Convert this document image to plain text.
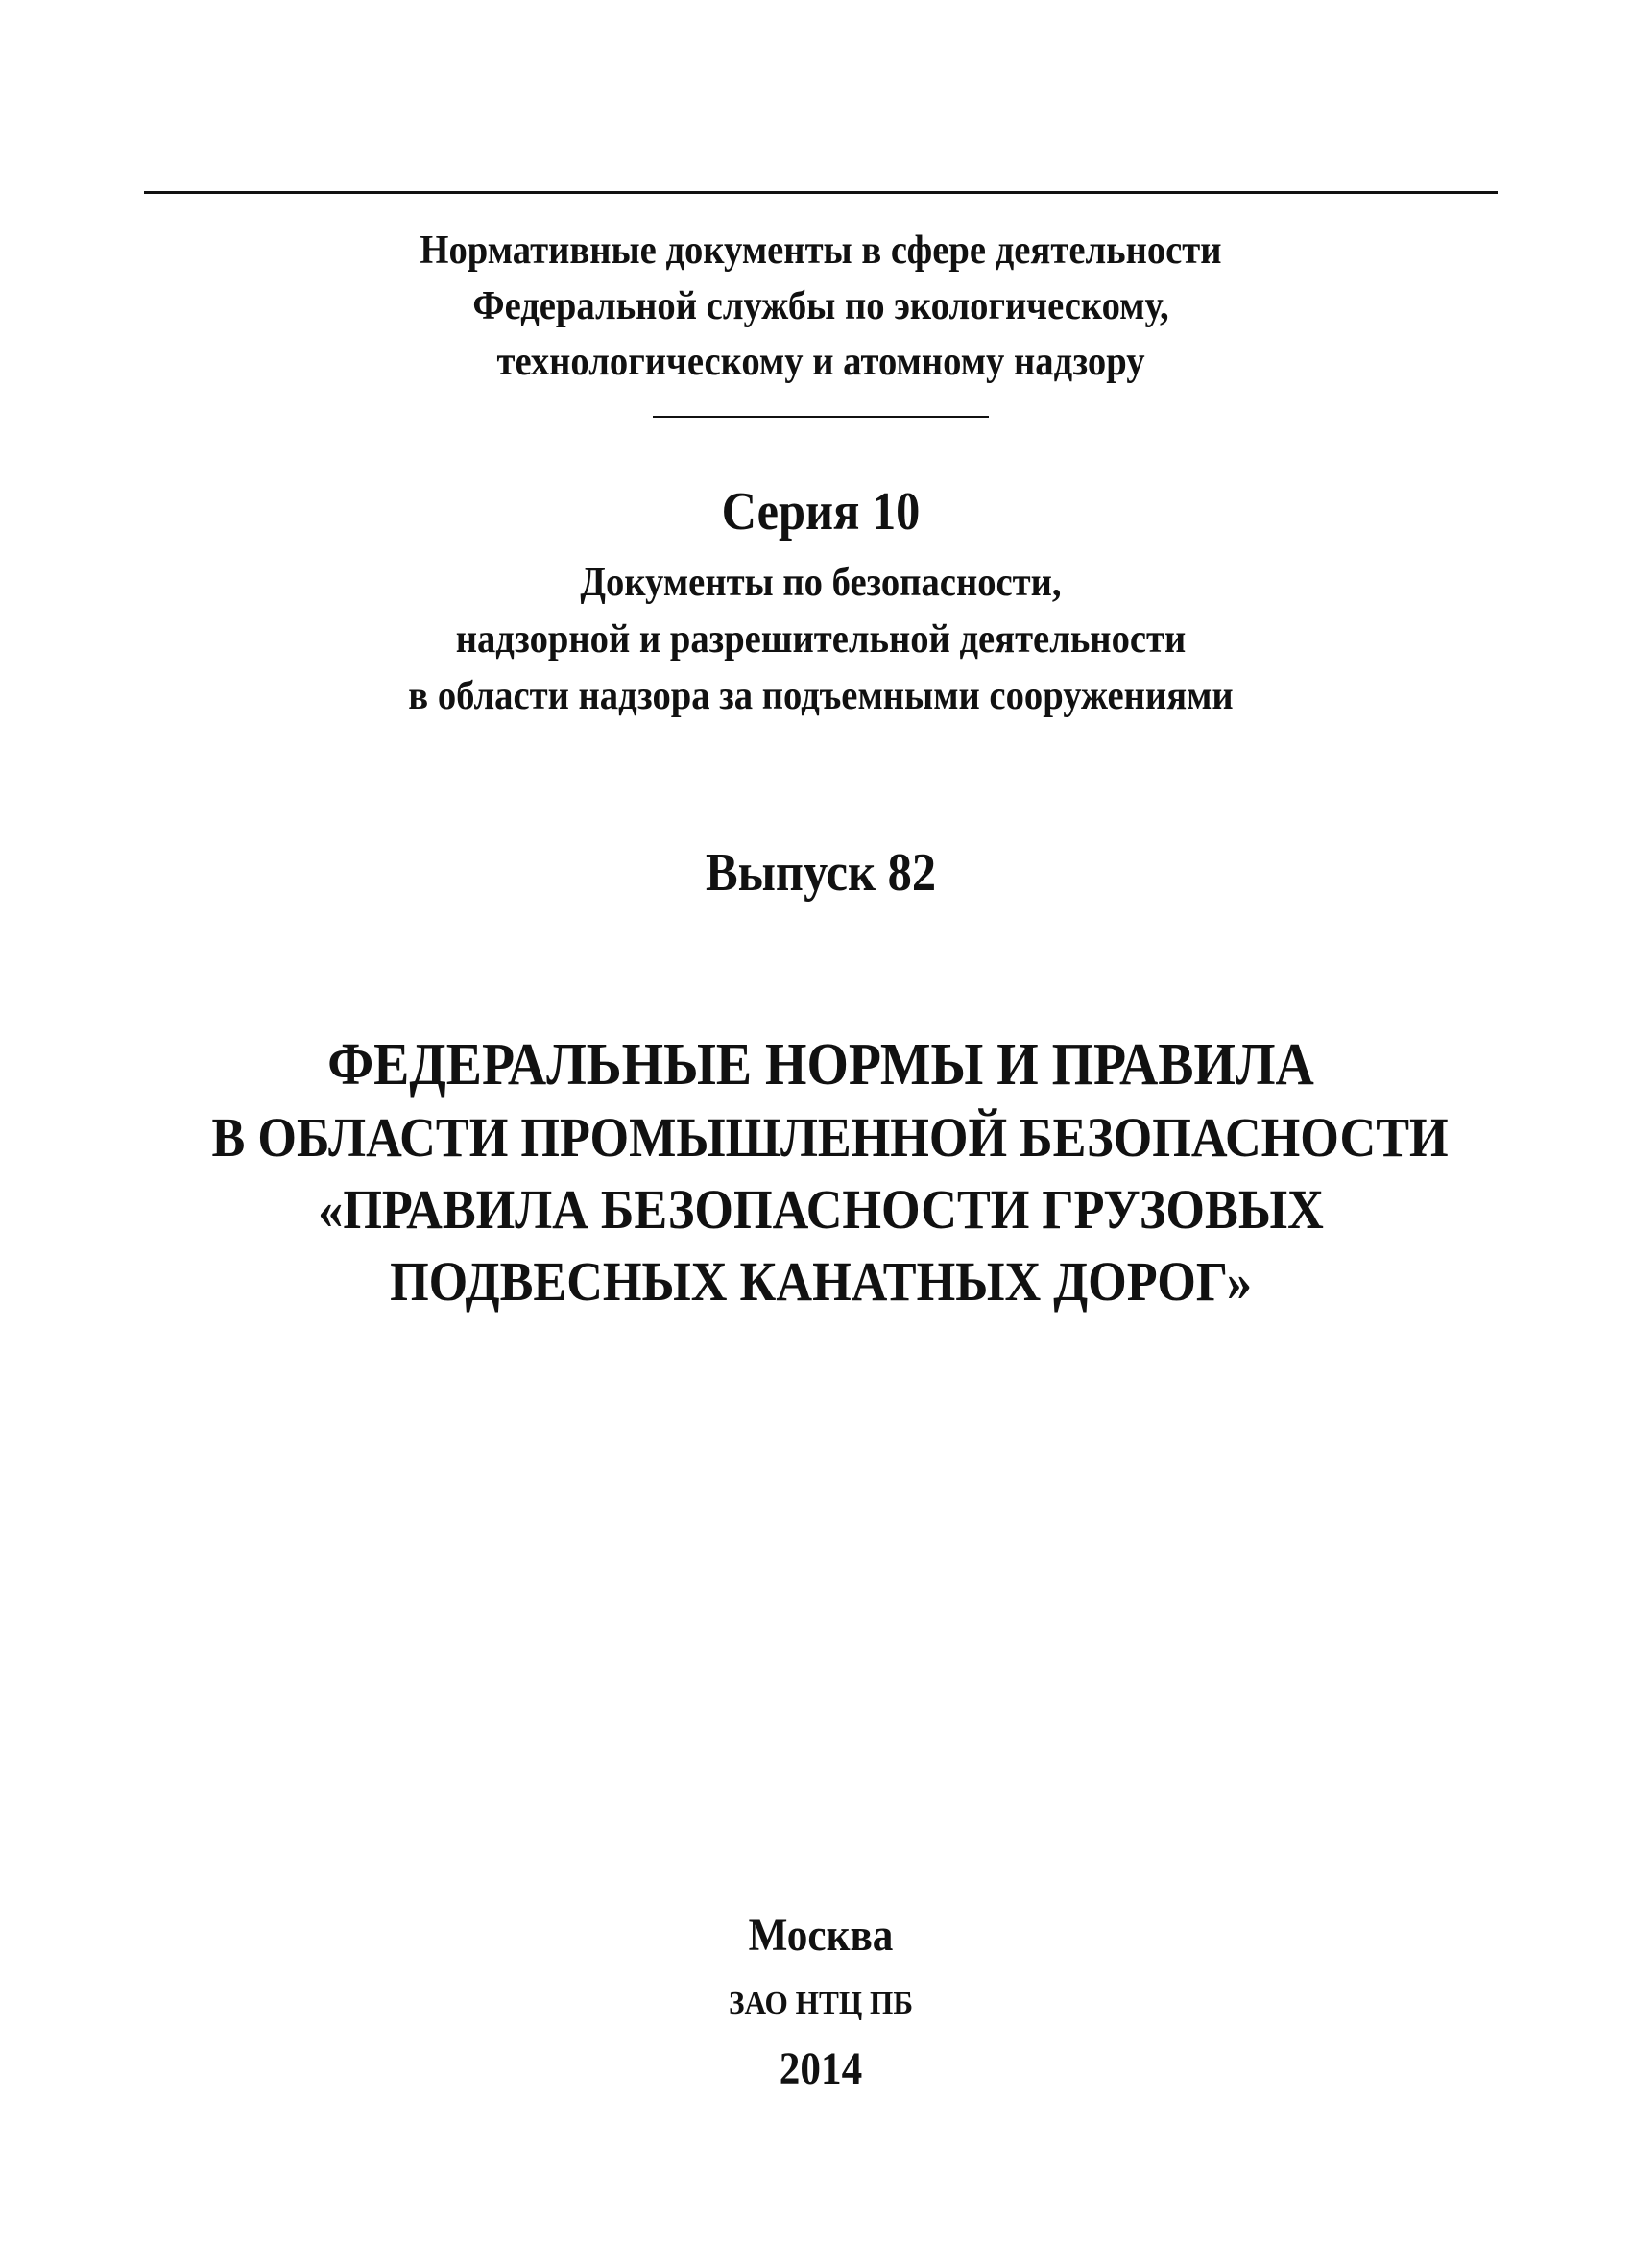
Нормативные документы в сфере деятельности
Федеральной службы по экологическому,
технологическому и атомному надзору
Серия 10
Документы по безопасности,
надзорной и разрешительной деятельности
в области надзора за подъемными сооружениями
Выпуск 82
ФЕДЕРАЛЬНЫЕ НОРМЫ И ПРАВИЛА
В ОБЛАСТИ ПРОМЫШЛЕННОЙ БЕЗОПАСНОСТИ
«ПРАВИЛА БЕЗОПАСНОСТИ ГРУЗОВЫХ
ПОДВЕСНЫХ КАНАТНЫХ ДОРОГ»
Москва
ЗАО НТЦ ПБ
2014
